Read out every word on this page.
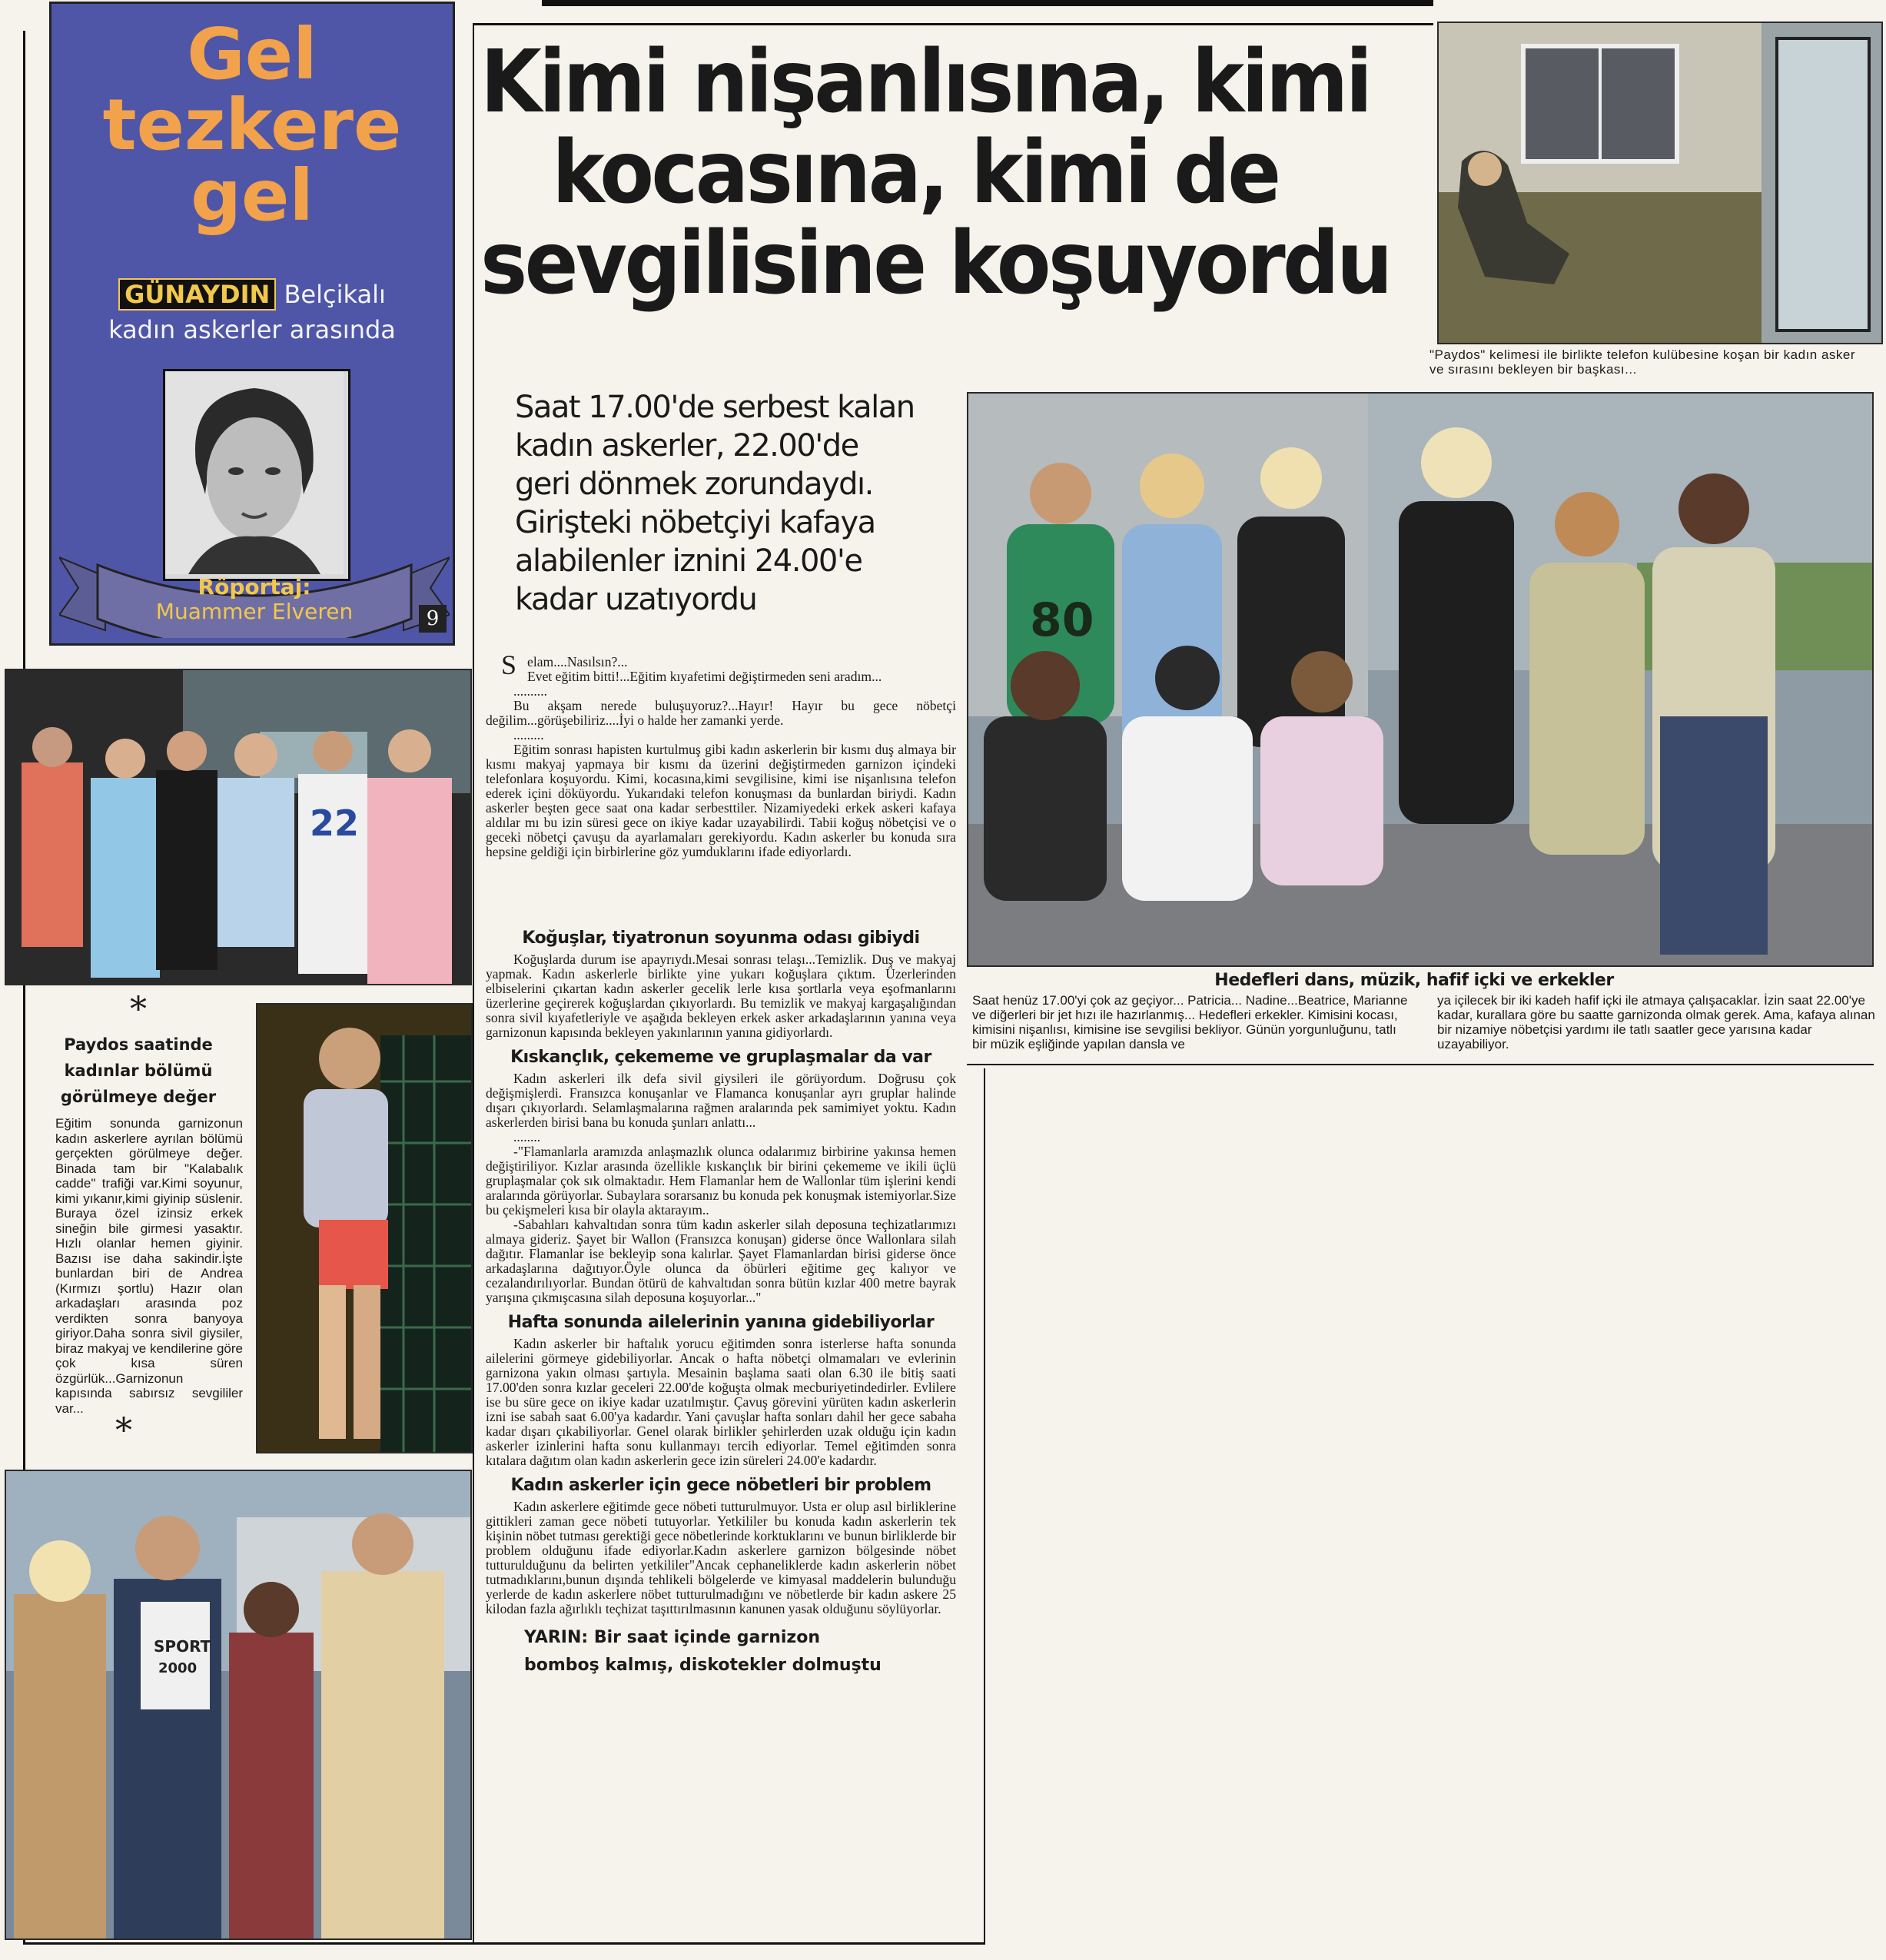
Gel
tezkere
gel
GÜNAYDIN Belçikalı
kadın askerler arasında
Röportaj:
Muammer Elveren	9
Kimi nişanlısına, kimi
kocasına, kimi de
sevgilisine koşuyordu
"Paydos" kelimesi ile birlikte telefon kulübesine koşan bir kadın asker ve sırasını bekleyen bir başkası...
Saat 17.00'de serbest kalan
kadın askerler, 22.00'de
geri dönmek zorundaydı.
Girişteki nöbetçiyi kafaya
alabilenler iznini 24.00'e
kadar uzatıyordu	80
Hedefleri dans, müzik, hafif içki ve erkekler
Saat henüz 17.00'yi çok az geçiyor... Patricia... Nadine...Beatrice, Marianne ve diğerleri bir jet hızı ile hazırlanmış... Hedefleri erkekler. Kimisini kocası, kimisini nişanlısı, kimisine ise sevgilisi bekliyor. Günün yorgunluğunu, tatlı bir müzik eşliğinde yapılan dansla ve
ya içilecek bir iki kadeh hafif içki ile atmaya çalışacaklar. İzin saat 22.00'ye kadar, kurallara göre bu saatte garnizonda olmak gerek. Ama, kafaya alınan bir nizamiye nöbetçisi yardımı ile tatlı saatler gece yarısına kadar uzayabiliyor.
22
*
Paydos saatinde kadınlar bölümü görülmeye değer
Eğitim sonunda garnizonun kadın askerlere ayrılan bölümü gerçekten görülmeye değer. Binada tam bir "Kalabalık cadde" trafiği var.Kimi soyunur, kimi yıkanır,kimi giyinip süslenir. Buraya özel izinsiz erkek sineğin bile girmesi yasaktır. Hızlı olanlar hemen giyinir. Bazısı ise daha sakindir.İşte bunlardan biri de Andrea (Kırmızı şortlu) Hazır olan arkadaşları arasında poz verdikten sonra banyoya giriyor.Daha sonra sivil giysiler, biraz makyaj ve kendilerine göre çok kısa süren özgürlük...Garnizonun kapısında sabırsız sevgililer var...
*
SPORT
2000

Selam....Nasılsın?...

Evet eğitim bitti!...Eğitim kıyafetimi değiştirmeden seni aradım...

..........

Bu akşam nerede buluşuyoruz?...Hayır! Hayır bu gece nöbetçi değilim...görüşebiliriz....İyi o halde her zamanki yerde.

.........

Eğitim sonrası hapisten kurtulmuş gibi kadın askerlerin bir kısmı duş almaya bir kısmı makyaj yapmaya bir kısmı da üzerini değiştirmeden garnizon içindeki telefonlara koşuyordu. Kimi, kocasına,kimi sevgilisine, kimi ise nişanlısına telefon ederek içini döküyordu. Yukarıdaki telefon konuşması da bunlardan biriydi. Kadın askerler beşten gece saat ona kadar serbesttiler. Nizamiyedeki erkek askeri kafaya aldılar mı bu izin süresi gece on ikiye kadar uzayabilirdi. Tabii koğuş nöbetçisi ve o geceki nöbetçi çavuşu da ayarlamaları gerekiyordu. Kadın askerler bu konuda sıra hepsine geldiği için birbirlerine göz yumduklarını ifade ediyorlardı.

Koğuşlar, tiyatronun soyunma odası gibiydi

Koğuşlarda durum ise apayrıydı.Mesai sonrası telaşı...Temizlik. Duş ve makyaj yapmak. Kadın askerlerle birlikte yine yukarı koğuşlara çıktım. Üzerlerinden elbiselerini çıkartan kadın askerler gecelik lerle kısa şortlarla veya eşofmanlarını üzerlerine geçirerek koğuşlardan çıkıyorlardı. Bu temizlik ve makyaj kargaşalığından sonra sivil kıyafetleriyle ve aşağıda bekleyen erkek asker arkadaşlarının yanına veya garnizonun kapısında bekleyen yakınlarının yanına gidiyorlardı.

Kıskançlık, çekememe ve gruplaşmalar da var

Kadın askerleri ilk defa sivil giysileri ile görüyordum. Doğrusu çok değişmişlerdi. Fransızca konuşanlar ve Flamanca konuşanlar ayrı gruplar halinde dışarı çıkıyorlardı. Selamlaşmalarına rağmen aralarında pek samimiyet yoktu. Kadın askerlerden birisi bana bu konuda şunları anlattı...

........

-"Flamanlarla aramızda anlaşmazlık olunca odalarımız birbirine yakınsa hemen değiştiriliyor. Kızlar arasında özellikle kıskançlık bir birini çekememe ve ikili üçlü gruplaşmalar çok sık olmaktadır. Hem Flamanlar hem de Wallonlar tüm işlerini kendi aralarında görüyorlar. Subaylara sorarsanız bu konuda pek konuşmak istemiyorlar.Size bu çekişmeleri kısa bir olayla aktarayım..

-Sabahları kahvaltıdan sonra tüm kadın askerler silah deposuna teçhizatlarımızı almaya gideriz. Şayet bir Wallon (Fransızca konuşan) giderse önce Wallonlara silah dağıtır. Flamanlar ise bekleyip sona kalırlar. Şayet Flamanlardan birisi giderse önce arkadaşlarına dağıtıyor.Öyle olunca da öbürleri eğitime geç kalıyor ve cezalandırılıyorlar. Bundan ötürü de kahvaltıdan sonra bütün kızlar 400 metre bayrak yarışına çıkmışcasına silah deposuna koşuyorlar..."

Hafta sonunda ailelerinin yanına gidebiliyorlar

Kadın askerler bir haftalık yorucu eğitimden sonra isterlerse hafta sonunda ailelerini görmeye gidebiliyorlar. Ancak o hafta nöbetçi olmamaları ve evlerinin garnizona yakın olması şartıyla. Mesainin başlama saati olan 6.30 ile bitiş saati 17.00'den sonra kızlar geceleri 22.00'de koğuşta olmak mecburiyetindedirler. Evlilere ise bu süre gece on ikiye kadar uzatılmıştır. Çavuş görevini yürüten kadın askerlerin izni ise sabah saat 6.00'ya kadardır. Yani çavuşlar hafta sonları dahil her gece sabaha kadar dışarı çıkabiliyorlar. Genel olarak birlikler şehirlerden uzak olduğu için kadın askerler izinlerini hafta sonu kullanmayı tercih ediyorlar. Temel eğitimden sonra kıtalara dağıtım olan kadın askerlerin gece izin süreleri 24.00'e kadardır.

Kadın askerler için gece nöbetleri bir problem

Kadın askerlere eğitimde gece nöbeti tutturulmuyor. Usta er olup asıl birliklerine gittikleri zaman gece nöbeti tutuyorlar. Yetkililer bu konuda kadın askerlerin tek kişinin nöbet tutması gerektiği gece nöbetlerinde korktuklarını ve bunun birliklerde bir problem olduğunu ifade ediyorlar.Kadın askerlere garnizon bölgesinde nöbet tutturulduğunu da belirten yetkililer"Ancak cephaneliklerde kadın askerlerin nöbet tutmadıklarını,bunun dışında tehlikeli bölgelerde ve kimyasal maddelerin bulunduğu yerlerde de kadın askerlere nöbet tutturulmadığını ve nöbetlerde bir kadın askere 25 kilodan fazla ağırlıklı teçhizat taşıttırılmasının kanunen yasak olduğunu söylüyorlar.

YARIN: Bir saat içinde garnizon bomboş kalmış, diskotekler dolmuştu
